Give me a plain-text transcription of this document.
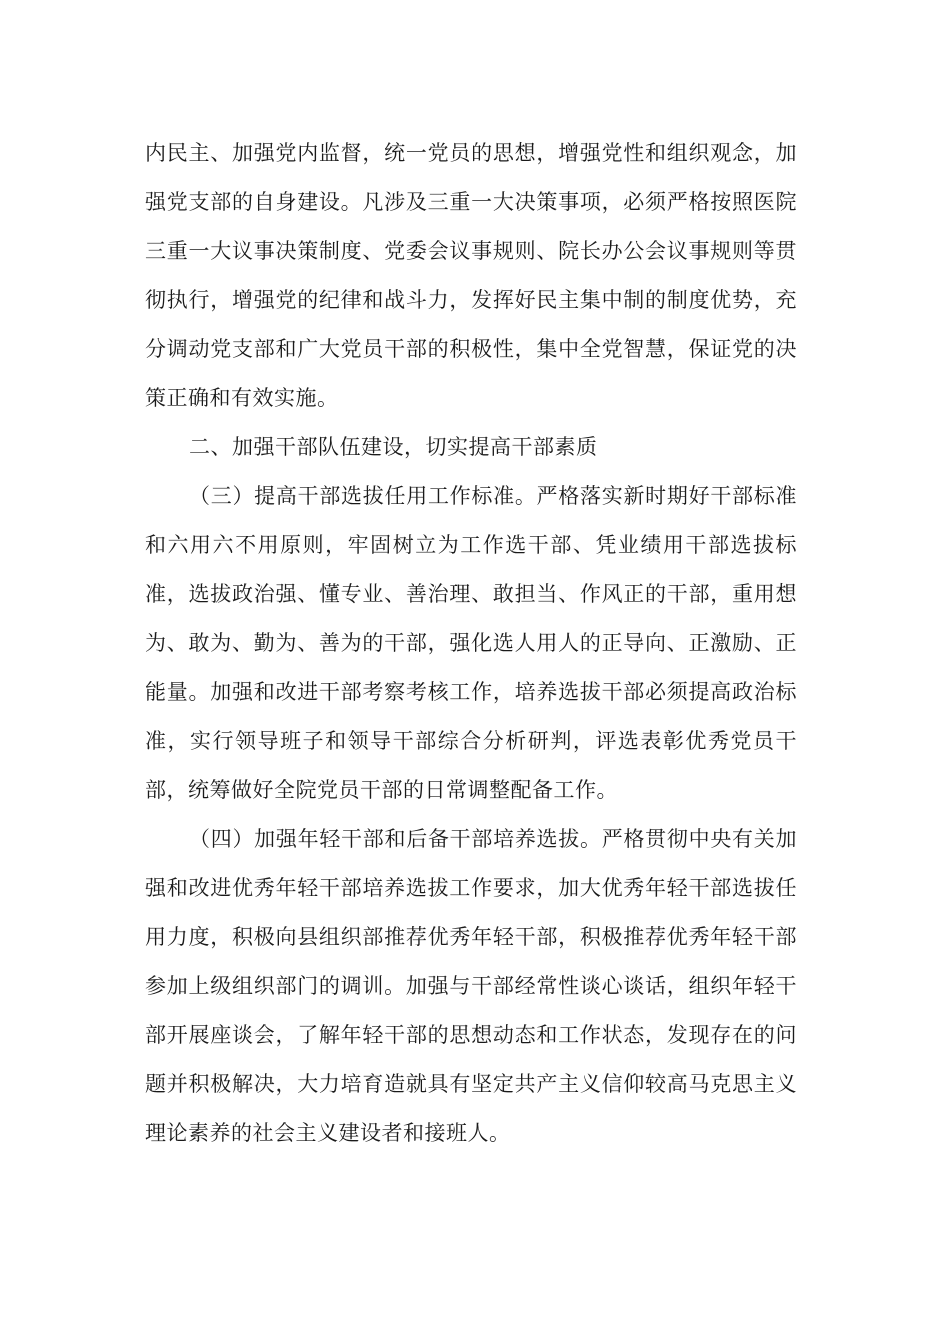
内民主、加强党内监督，统一党员的思想，增强党性和组织观念，加强党支部的自身建设。凡涉及三重一大决策事项，必须严格按照医院三重一大议事决策制度、党委会议事规则、院长办公会议事规则等贯彻执行，增强党的纪律和战斗力，发挥好民主集中制的制度优势，充分调动党支部和广大党员干部的积极性，集中全党智慧，保证党的决策正确和有效实施。

二、加强干部队伍建设，切实提高干部素质

（三）提高干部选拔任用工作标准。严格落实新时期好干部标准和六用六不用原则，牢固树立为工作选干部、凭业绩用干部选拔标准，选拔政治强、懂专业、善治理、敢担当、作风正的干部，重用想为、敢为、勤为、善为的干部，强化选人用人的正导向、正激励、正能量。加强和改进干部考察考核工作，培养选拔干部必须提高政治标准，实行领导班子和领导干部综合分析研判，评选表彰优秀党员干部，统筹做好全院党员干部的日常调整配备工作。

（四）加强年轻干部和后备干部培养选拔。严格贯彻中央有关加强和改进优秀年轻干部培养选拔工作要求，加大优秀年轻干部选拔任用力度，积极向县组织部推荐优秀年轻干部，积极推荐优秀年轻干部参加上级组织部门的调训。加强与干部经常性谈心谈话，组织年轻干部开展座谈会，了解年轻干部的思想动态和工作状态，发现存在的问题并积极解决，大力培育造就具有坚定共产主义信仰较高马克思主义理论素养的社会主义建设者和接班人。
